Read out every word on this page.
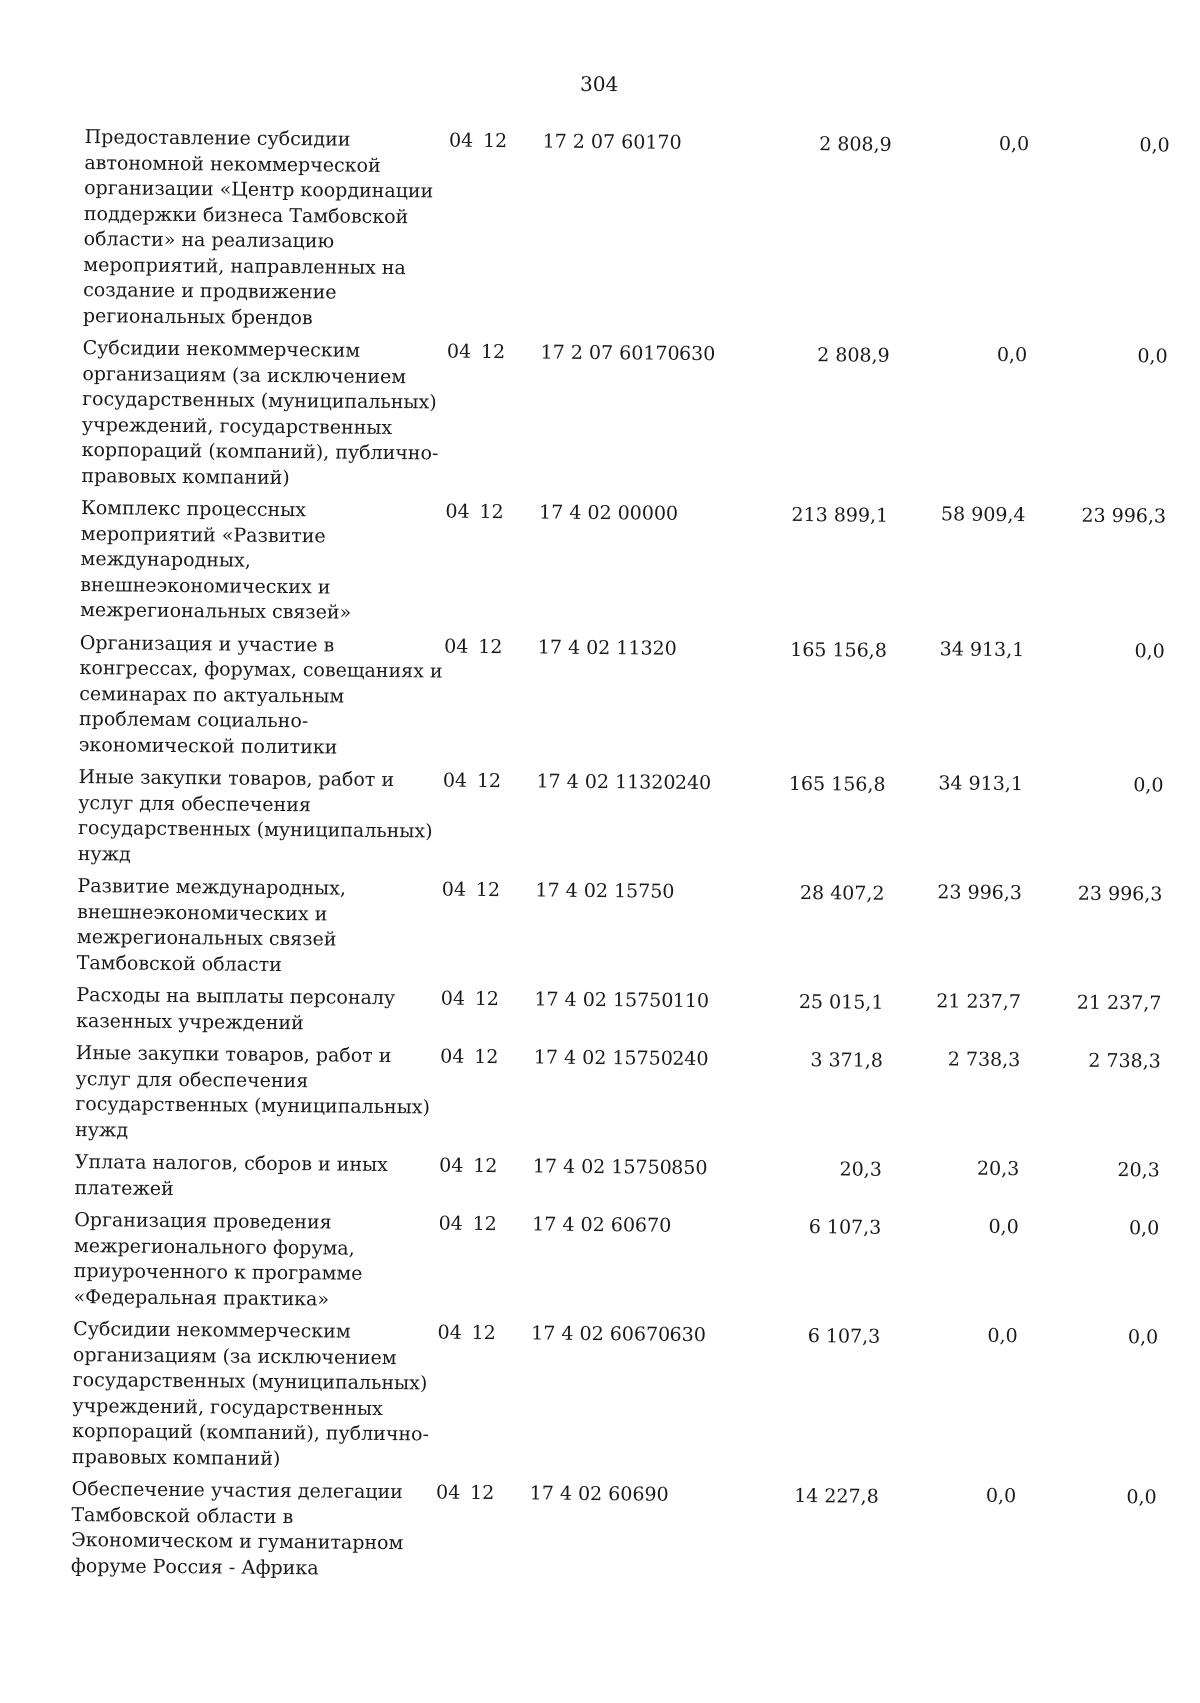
304
Предоставление субсидии автономной некоммерческой организации «Центр координации поддержки бизнеса Тамбовской области» на реализацию мероприятий, направленных на создание и продвижение региональных брендов	04 12	17 2 07 60170		2 808,9	0,0	0,0
Субсидии некоммерческим организациям (за исключением государственных (муниципальных) учреждений, государственных корпораций (компаний), публично-правовых компаний)	04 12	17 2 07 60170	630	2 808,9	0,0	0,0
Комплекс процессных мероприятий «Развитие международных, внешнеэкономических и межрегиональных связей»	04 12	17 4 02 00000		213 899,1	58 909,4	23 996,3
Организация и участие в конгрессах, форумах, совещаниях и семинарах по актуальным проблемам социально-экономической политики	04 12	17 4 02 11320		165 156,8	34 913,1	0,0
Иные закупки товаров, работ и услуг для обеспечения государственных (муниципальных) нужд	04 12	17 4 02 11320	240	165 156,8	34 913,1	0,0
Развитие международных, внешнеэкономических и межрегиональных связей Тамбовской области	04 12	17 4 02 15750		28 407,2	23 996,3	23 996,3
Расходы на выплаты персоналу казенных учреждений	04 12	17 4 02 15750	110	25 015,1	21 237,7	21 237,7
Иные закупки товаров, работ и услуг для обеспечения государственных (муниципальных) нужд	04 12	17 4 02 15750	240	3 371,8	2 738,3	2 738,3
Уплата налогов, сборов и иных платежей	04 12	17 4 02 15750	850	20,3	20,3	20,3
Организация проведения межрегионального форума, приуроченного к программе «Федеральная практика»	04 12	17 4 02 60670		6 107,3	0,0	0,0
Субсидии некоммерческим организациям (за исключением государственных (муниципальных) учреждений, государственных корпораций (компаний), публично-правовых компаний)	04 12	17 4 02 60670	630	6 107,3	0,0	0,0
Обеспечение участия делегации Тамбовской области в Экономическом и гуманитарном форуме Россия - Африка	04 12	17 4 02 60690		14 227,8	0,0	0,0
